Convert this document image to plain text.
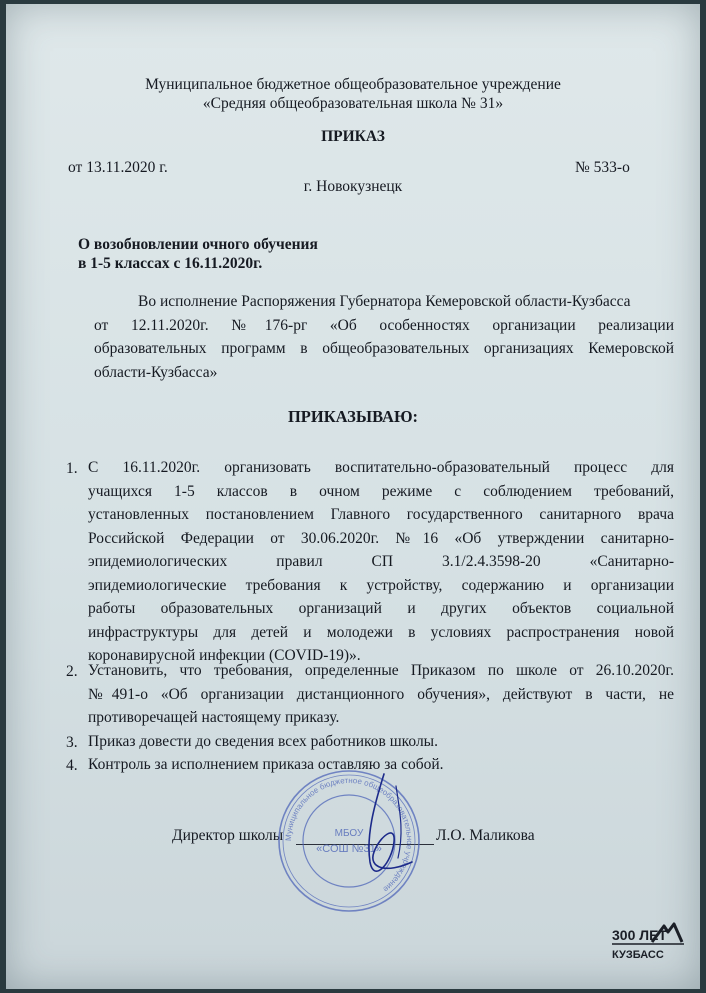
Муниципальное бюджетное общеобразовательное учреждение
«Средняя общеобразовательная школа № 31»
ПРИКАЗ
от 13.11.2020 г.	№ 533-о
г. Новокузнецк
О возобновлении очного обучения
в 1-5 классах с 16.11.2020г.
Во исполнение Распоряжения Губернатора Кемеровской области-Кузбасса
от 12.11.2020г. №176-рг «Об особенностях организации реализации
образовательных программ в общеобразовательных организациях Кемеровской
области-Кузбасса»
ПРИКАЗЫВАЮ:
1. С 16.11.2020г. организовать воспитательно-образовательный процесс для
учащихся 1-5 классов в очном режиме с соблюдением требований,
установленных постановлением Главного государственного санитарного врача
Российской Федерации от 30.06.2020г. №16 «Об утверждении санитарно-
эпидемиологических правил СП 3.1/2.4.3598-20 «Санитарно-
эпидемиологические требования к устройству, содержанию и организации
работы образовательных организаций и других объектов социальной
инфраструктуры для детей и молодежи в условиях распространения новой
коронавирусной инфекции (COVID-19)».
2. Установить, что требования, определенные Приказом по школе от 26.10.2020г.
№491-о «Об организации дистанционного обучения», действуют в части, не
противоречащей настоящему приказу.
3. Приказ довести до сведения всех работников школы.
4. Контроль за исполнением приказа оставляю за собой.
Директор школы	Л.О. Маликова
Муниципальное бюджетное общеобразовательное учреждение
МБОУ
«СОШ №31»
300 ЛЕТ
КУЗБАСС
